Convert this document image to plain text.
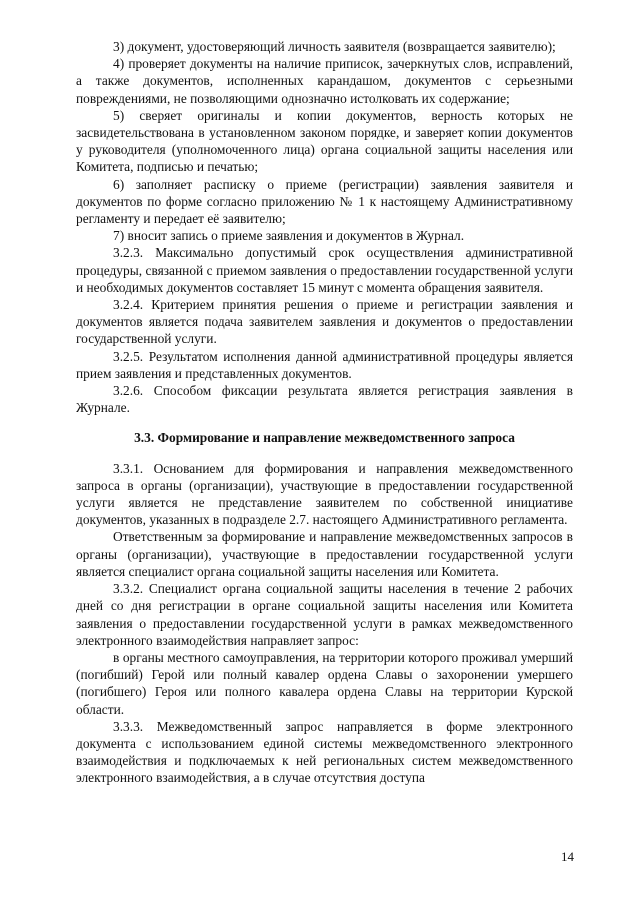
3) документ, удостоверяющий личность заявителя (возвращается заявителю);

4) проверяет документы на наличие приписок, зачеркнутых слов, исправлений, а также документов, исполненных карандашом, документов с серьезными повреждениями, не позволяющими однозначно истолковать их содержание;

5) сверяет оригиналы и копии документов, верность которых не засвидетельствована в установленном законом порядке, и заверяет копии документов у руководителя (уполномоченного лица) органа социальной защиты населения или Комитета, подписью и печатью;

6) заполняет расписку о приеме (регистрации) заявления заявителя и документов по форме согласно приложению № 1 к настоящему Административному регламенту и передает её заявителю;

7) вносит запись о приеме заявления и документов в Журнал.

3.2.3. Максимально допустимый срок осуществления административной процедуры, связанной с приемом заявления о предоставлении государственной услуги и необходимых документов составляет 15 минут с момента обращения заявителя.

3.2.4. Критерием принятия решения о приеме и регистрации заявления и документов является подача заявителем заявления и документов о предоставлении государственной услуги.

3.2.5. Результатом исполнения данной административной процедуры является прием заявления и представленных документов.

3.2.6. Способом фиксации результата является регистрация заявления в Журнале.

3.3. Формирование и направление межведомственного запроса

3.3.1. Основанием для формирования и направления межведомственного запроса в органы (организации), участвующие в предоставлении государственной услуги является не представление заявителем по собственной инициативе документов, указанных в подразделе 2.7. настоящего Административного регламента.

Ответственным за формирование и направление межведомственных запросов в органы (организации), участвующие в предоставлении государственной услуги является специалист органа социальной защиты населения или Комитета.

3.3.2. Специалист органа социальной защиты населения в течение 2 рабочих дней со дня регистрации в органе социальной защиты населения или Комитета заявления о предоставлении государственной услуги в рамках межведомственного электронного взаимодействия направляет запрос:

в органы местного самоуправления, на территории которого проживал умерший (погибший) Герой или полный кавалер ордена Славы о захоронении умершего (погибшего) Героя или полного кавалера ордена Славы на территории Курской области.

3.3.3. Межведомственный запрос направляется в форме электронного документа с использованием единой системы межведомственного электронного взаимодействия и подключаемых к ней региональных систем межведомственного электронного взаимодействия, а в случае отсутствия доступа

14
